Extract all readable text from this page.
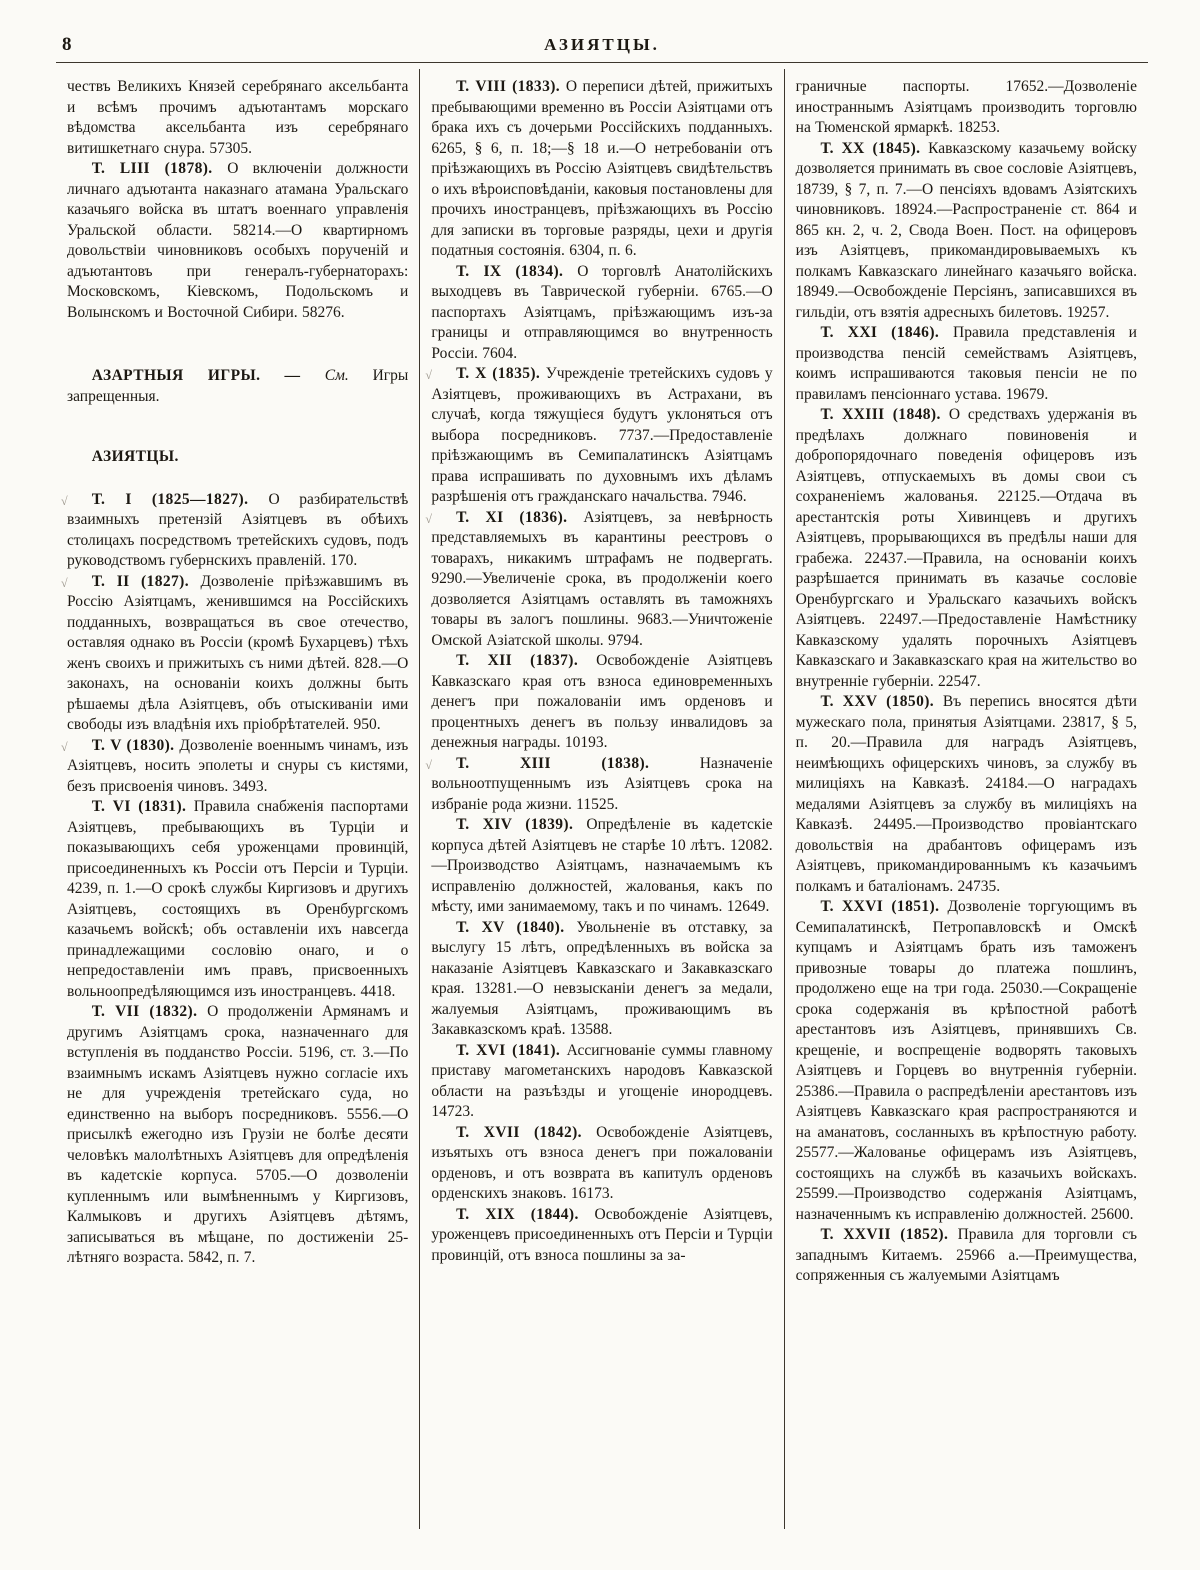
8	АЗИЯТЦЫ.

чествъ Великихъ Князей серебрянаго аксельбанта и всѣмъ прочимъ адъютантамъ морскаго вѣдомства аксельбанта изъ серебрянаго витишкетнаго снура. 57305.

Т. LIII (1878). О включеніи должности личнаго адъютанта наказнаго атамана Уральскаго казачьяго войска въ штатъ военнаго управленія Уральской области. 58214.—О квартирномъ довольствіи чиновниковъ особыхъ порученій и адъютантовъ при генералъ-губернаторахъ: Московскомъ, Кіевскомъ, Подольскомъ и Волынскомъ и Восточной Сибири. 58276.

АЗАРТНЫЯ ИГРЫ. — См. Игры запрещенныя.

АЗИЯТЦЫ.

√ Т. I (1825—1827). О разбирательствѣ взаимныхъ претензій Азіятцевъ въ обѣихъ столицахъ посредствомъ третейскихъ судовъ, подъ руководствомъ губернскихъ правленій. 170.

√ Т. II (1827). Дозволеніе пріѣзжавшимъ въ Россію Азіятцамъ, женившимся на Россійскихъ подданныхъ, возвращаться въ свое отечество, оставляя однако въ Россіи (кромѣ Бухарцевъ) тѣхъ женъ своихъ и прижитыхъ съ ними дѣтей. 828.—О законахъ, на основаніи коихъ должны быть рѣшаемы дѣла Азіятцевъ, объ отыскиваніи ими свободы изъ владѣнія ихъ пріобрѣтателей. 950.

√ Т. V (1830). Дозволеніе военнымъ чинамъ, изъ Азіятцевъ, носить эполеты и снуры съ кистями, безъ присвоенія чиновъ. 3493.

Т. VI (1831). Правила снабженія паспортами Азіятцевъ, пребывающихъ въ Турціи и показывающихъ себя уроженцами провинцій, присоединенныхъ къ Россіи отъ Персіи и Турціи. 4239, п. 1.—О срокѣ службы Киргизовъ и другихъ Азіятцевъ, состоящихъ въ Оренбургскомъ казачьемъ войскѣ; объ оставленіи ихъ навсегда принадлежащими сословію онаго, и о непредоставленіи имъ правъ, присвоенныхъ вольноопредѣляющимся изъ иностранцевъ. 4418.

Т. VII (1832). О продолженіи Армянамъ и другимъ Азіятцамъ срока, назначеннаго для вступленія въ подданство Россіи. 5196, ст. 3.—По взаимнымъ искамъ Азіятцевъ нужно согласіе ихъ не для учрежденія третейскаго суда, но единственно на выборъ посредниковъ. 5556.—О присылкѣ ежегодно изъ Грузіи не болѣе десяти человѣкъ малолѣтныхъ Азіятцевъ для опредѣленія въ кадетскіе корпуса. 5705.—О дозволеніи купленнымъ или вымѣненнымъ у Киргизовъ, Калмыковъ и другихъ Азіятцевъ дѣтямъ, записываться въ мѣщане, по достиженіи 25-лѣтняго возраста. 5842, п. 7.

Т. VIII (1833). О переписи дѣтей, прижитыхъ пребывающими временно въ Россіи Азіятцами отъ брака ихъ съ дочерьми Россійскихъ подданныхъ. 6265, § 6, п. 18;—§ 18 и.—О нетребованіи отъ пріѣзжающихъ въ Россію Азіятцевъ свидѣтельствъ о ихъ вѣроисповѣданіи, каковыя постановлены для прочихъ иностранцевъ, пріѣзжающихъ въ Россію для записки въ торговые разряды, цехи и другія податныя состоянія. 6304, п. 6.

Т. IX (1834). О торговлѣ Анатолійскихъ выходцевъ въ Таврической губерніи. 6765.—О паспортахъ Азіятцамъ, пріѣзжающимъ изъ-за границы и отправляющимся во внутренность Россіи. 7604.

√ Т. X (1835). Учрежденіе третейскихъ судовъ у Азіятцевъ, проживающихъ въ Астрахани, въ случаѣ, когда тяжущіеся будутъ уклоняться отъ выбора посредниковъ. 7737.—Предоставленіе пріѣзжающимъ въ Семипалатинскъ Азіятцамъ права испрашивать по духовнымъ ихъ дѣламъ разрѣшенія отъ гражданскаго начальства. 7946.

√ Т. XI (1836). Азіятцевъ, за невѣрность представляемыхъ въ карантины реестровъ о товарахъ, никакимъ штрафамъ не подвергать. 9290.—Увеличеніе срока, въ продолженіи коего дозволяется Азіятцамъ оставлять въ таможняхъ товары въ залогъ пошлины. 9683.—Уничтоженіе Омской Азіатской школы. 9794.

Т. XII (1837). Освобожденіе Азіятцевъ Кавказскаго края отъ взноса единовременныхъ денегъ при пожалованіи имъ орденовъ и процентныхъ денегъ въ пользу инвалидовъ за денежныя награды. 10193.

√ Т. XIII (1838). Назначеніе вольноотпущеннымъ изъ Азіятцевъ срока на избраніе рода жизни. 11525.

Т. XIV (1839). Опредѣленіе въ кадетскіе корпуса дѣтей Азіятцевъ не старѣе 10 лѣтъ. 12082.—Производство Азіятцамъ, назначаемымъ къ исправленію должностей, жалованья, какъ по мѣсту, ими занимаемому, такъ и по чинамъ. 12649.

Т. XV (1840). Увольненіе въ отставку, за выслугу 15 лѣтъ, опредѣленныхъ въ войска за наказаніе Азіятцевъ Кавказскаго и Закавказскаго края. 13281.—О невзысканіи денегъ за медали, жалуемыя Азіятцамъ, проживающимъ въ Закавказскомъ краѣ. 13588.

Т. XVI (1841). Ассигнованіе суммы главному приставу магометанскихъ народовъ Кавказской области на разъѣзды и угощеніе инородцевъ. 14723.

Т. XVII (1842). Освобожденіе Азіятцевъ, изъятыхъ отъ взноса денегъ при пожалованіи орденовъ, и отъ возврата въ капитулъ орденовъ орденскихъ знаковъ. 16173.

Т. XIX (1844). Освобожденіе Азіятцевъ, уроженцевъ присоединенныхъ отъ Персіи и Турціи провинцій, отъ взноса пошлины за за-

граничные паспорты. 17652.—Дозволеніе иностраннымъ Азіятцамъ производить торговлю на Тюменской ярмаркѣ. 18253.

Т. XX (1845). Кавказскому казачьему войску дозволяется принимать въ свое сословіе Азіятцевъ, 18739, § 7, п. 7.—О пенсіяхъ вдовамъ Азіятскихъ чиновниковъ. 18924.—Распространеніе ст. 864 и 865 кн. 2, ч. 2, Свода Воен. Пост. на офицеровъ изъ Азіятцевъ, прикомандировываемыхъ къ полкамъ Кавказскаго линейнаго казачьяго войска. 18949.—Освобожденіе Персіянъ, записавшихся въ гильдіи, отъ взятія адресныхъ билетовъ. 19257.

Т. XXI (1846). Правила представленія и производства пенсій семействамъ Азіятцевъ, коимъ испрашиваются таковыя пенсіи не по правиламъ пенсіоннаго устава. 19679.

Т. XXIII (1848). О средствахъ удержанія въ предѣлахъ должнаго повиновенія и добропорядочнаго поведенія офицеровъ изъ Азіятцевъ, отпускаемыхъ въ домы свои съ сохраненіемъ жалованья. 22125.—Отдача въ арестантскія роты Хивинцевъ и другихъ Азіятцевъ, прорывающихся въ предѣлы наши для грабежа. 22437.—Правила, на основаніи коихъ разрѣшается принимать въ казачье сословіе Оренбургскаго и Уральскаго казачьихъ войскъ Азіятцевъ. 22497.—Предоставленіе Намѣстнику Кавказскому удалять порочныхъ Азіятцевъ Кавказскаго и Закавказскаго края на жительство во внутренніе губерніи. 22547.

Т. XXV (1850). Въ перепись вносятся дѣти мужескаго пола, принятыя Азіятцами. 23817, § 5, п. 20.—Правила для наградъ Азіятцевъ, неимѣющихъ офицерскихъ чиновъ, за службу въ милиціяхъ на Кавказѣ. 24184.—О наградахъ медалями Азіятцевъ за службу въ милиціяхъ на Кавказѣ. 24495.—Производство провіантскаго довольствія на драбантовъ офицерамъ изъ Азіятцевъ, прикомандированнымъ къ казачьимъ полкамъ и баталіонамъ. 24735.

Т. XXVI (1851). Дозволеніе торгующимъ въ Семипалатинскѣ, Петропавловскѣ и Омскѣ купцамъ и Азіятцамъ брать изъ таможенъ привозные товары до платежа пошлинъ, продолжено еще на три года. 25030.—Сокращеніе срока содержанія въ крѣпостной работѣ арестантовъ изъ Азіятцевъ, принявшихъ Св. крещеніе, и воспрещеніе водворять таковыхъ Азіятцевъ и Горцевъ во внутреннія губерніи. 25386.—Правила о распредѣленіи арестантовъ изъ Азіятцевъ Кавказскаго края распространяются и на аманатовъ, сосланныхъ въ крѣпостную работу. 25577.—Жалованье офицерамъ изъ Азіятцевъ, состоящихъ на службѣ въ казачьихъ войскахъ. 25599.—Производство содержанія Азіятцамъ, назначеннымъ къ исправленію должностей. 25600.

Т. XXVII (1852). Правила для торговли съ западнымъ Китаемъ. 25966 а.—Преимущества, сопряженныя съ жалуемыми Азіятцамъ
